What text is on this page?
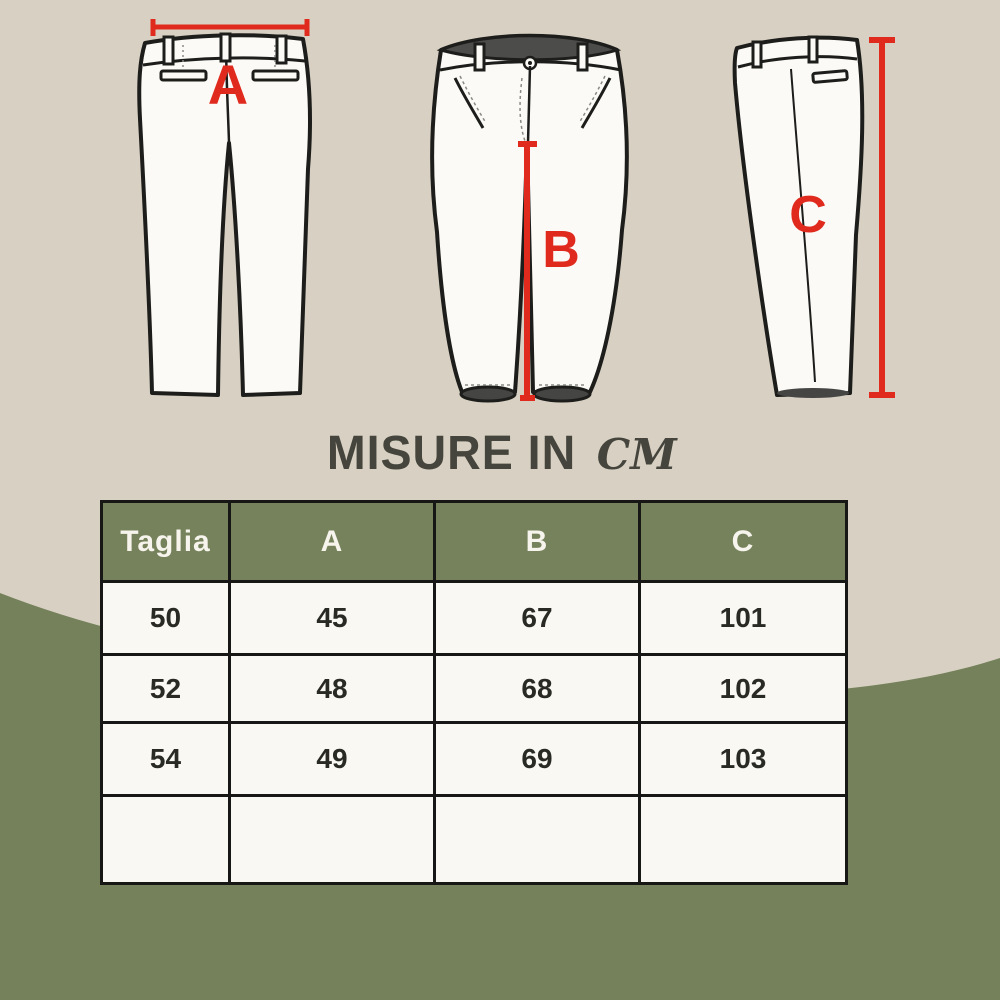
A
B
C
MISURE IN CM
Taglia	A	B	C
50	45	67	101
52	48	68	102
54	49	69	103
